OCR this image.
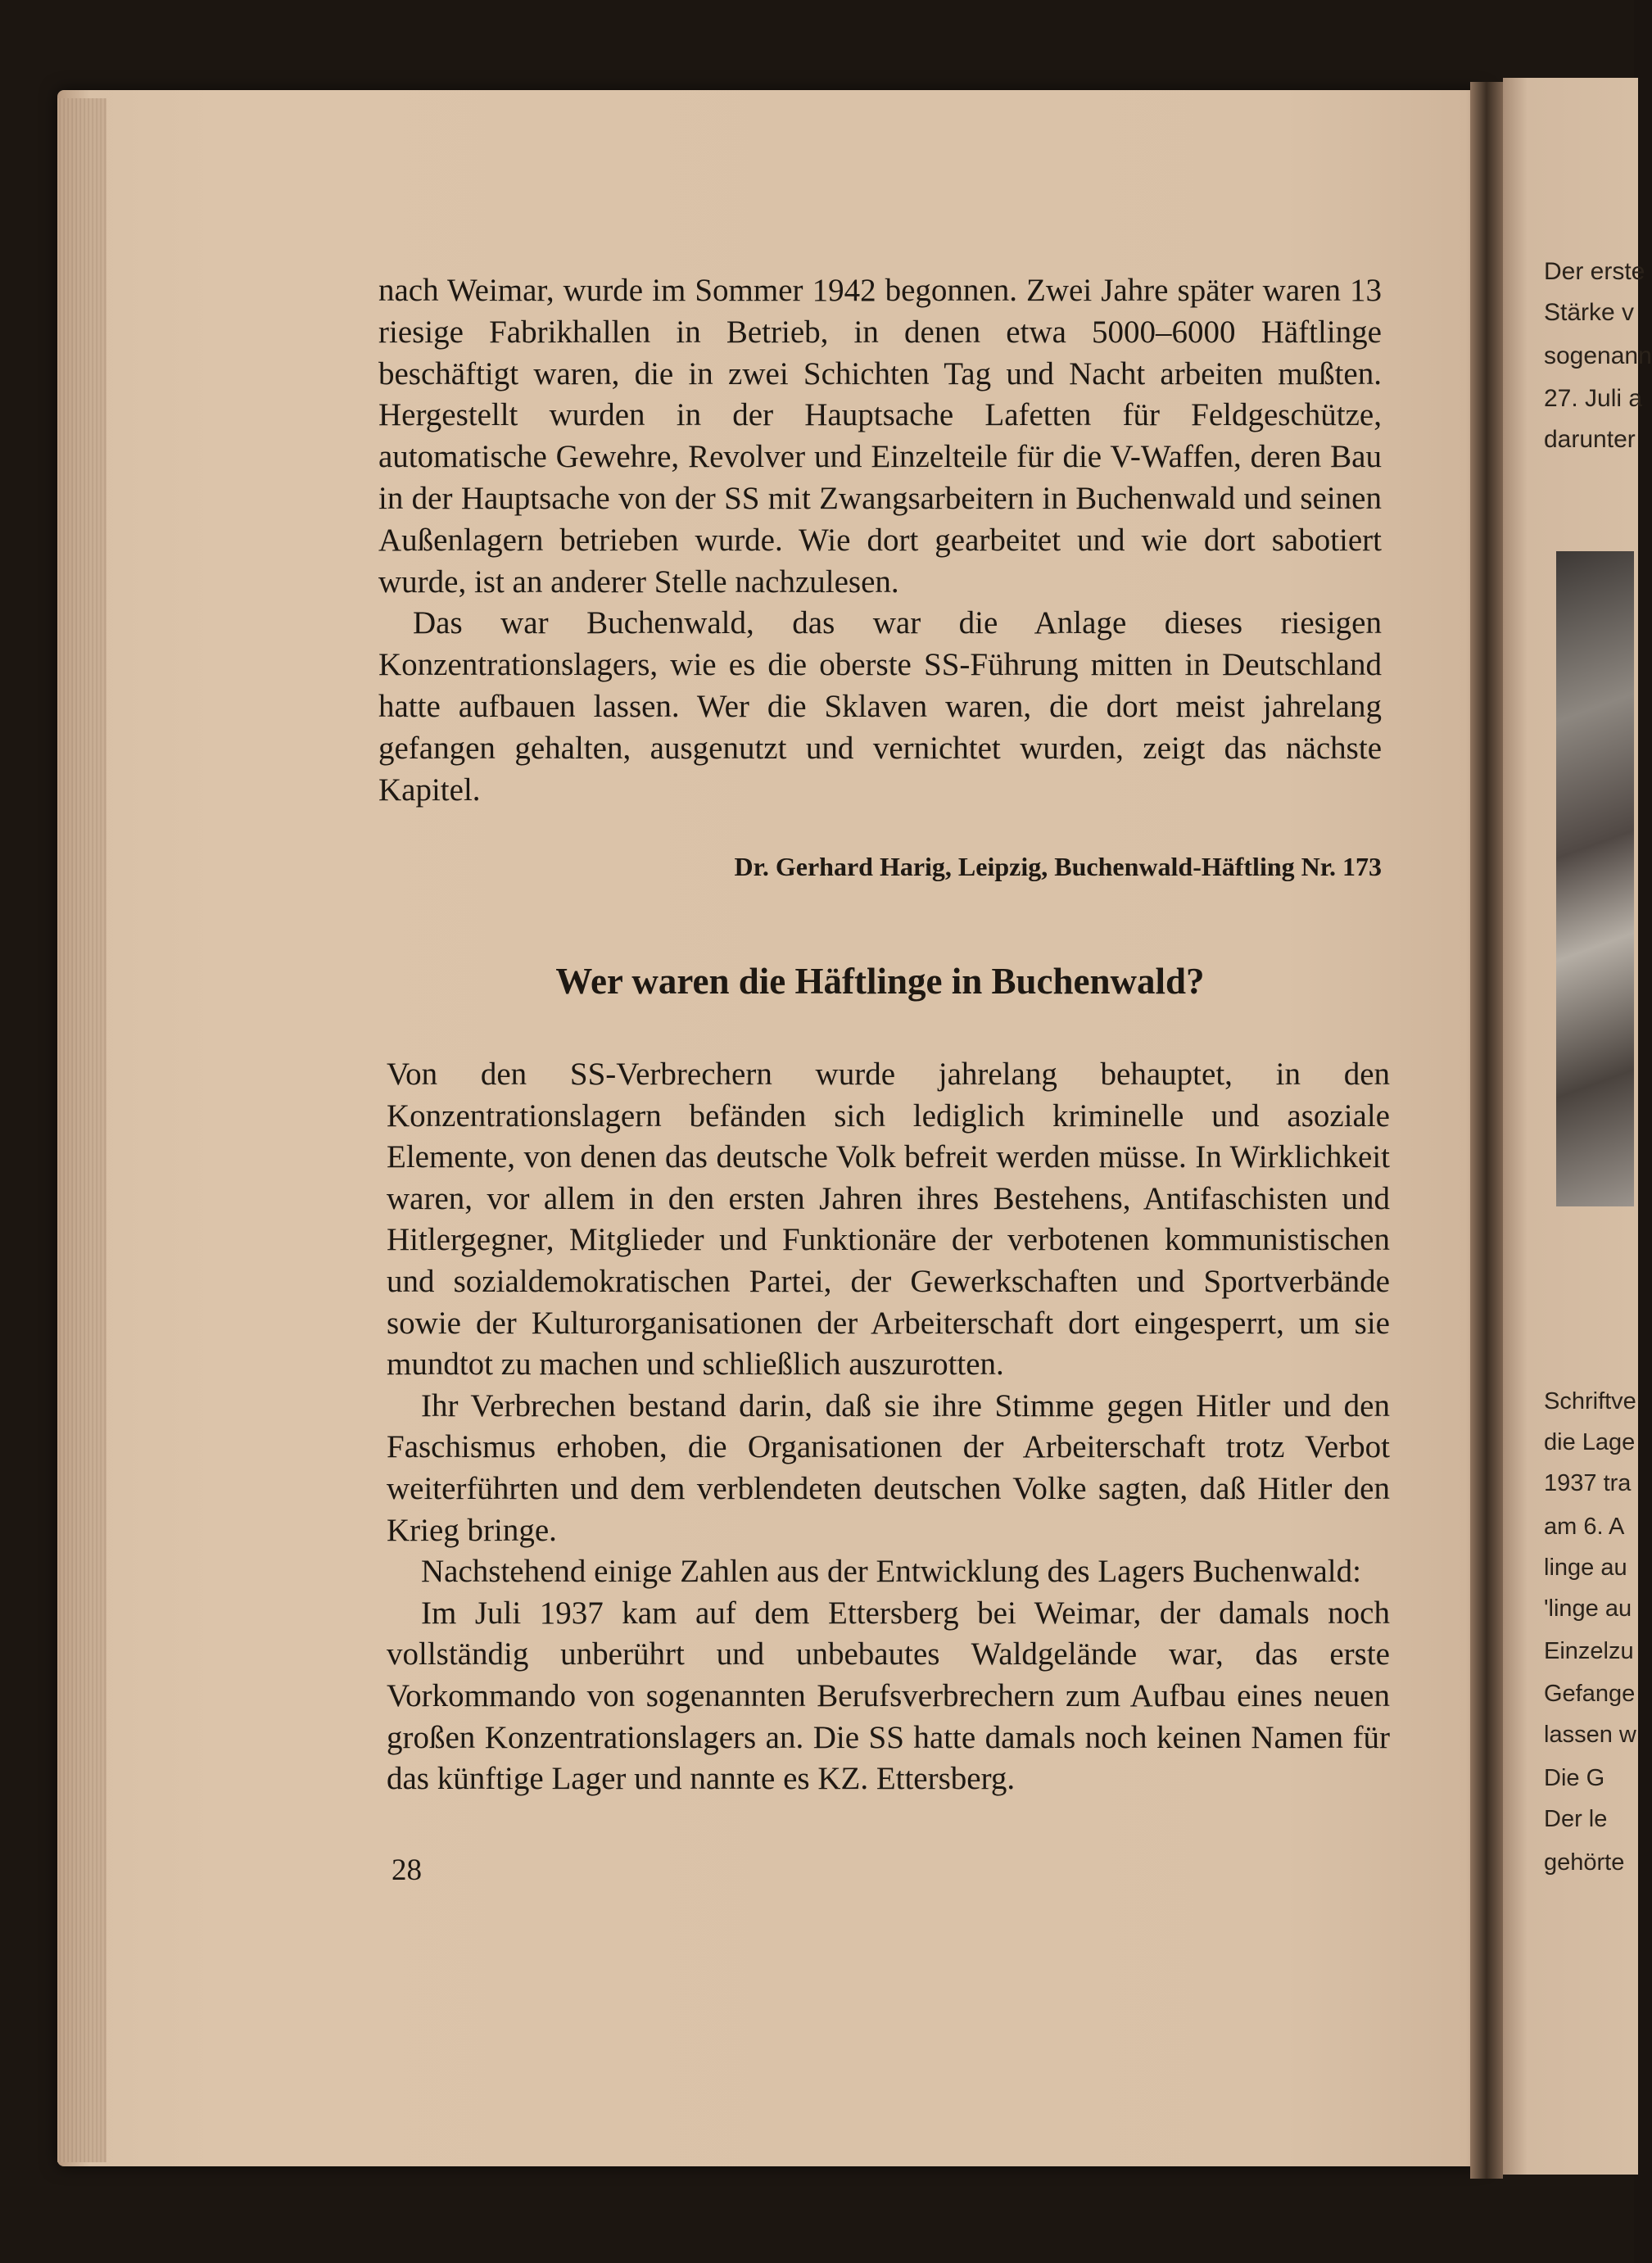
nach Weimar, wurde im Sommer 1942 begonnen. Zwei Jahre später waren 13 riesige Fabrikhallen in Betrieb, in denen etwa 5000–6000 Häftlinge beschäftigt waren, die in zwei Schichten Tag und Nacht arbeiten mußten. Hergestellt wurden in der Hauptsache Lafetten für Feldgeschütze, automatische Gewehre, Revolver und Einzelteile für die V-Waffen, deren Bau in der Hauptsache von der SS mit Zwangsarbeitern in Buchenwald und seinen Außenlagern betrieben wurde. Wie dort gearbeitet und wie dort sabotiert wurde, ist an anderer Stelle nachzulesen.

Das war Buchenwald, das war die Anlage dieses riesigen Konzentrationslagers, wie es die oberste SS-Führung mitten in Deutschland hatte aufbauen lassen. Wer die Sklaven waren, die dort meist jahrelang gefangen gehalten, ausgenutzt und vernichtet wurden, zeigt das nächste Kapitel.

Dr. Gerhard Harig, Leipzig, Buchenwald-Häftling Nr. 173
Wer waren die Häftlinge in Buchenwald?

Von den SS-Verbrechern wurde jahrelang behauptet, in den Konzentrationslagern befänden sich lediglich kriminelle und asoziale Elemente, von denen das deutsche Volk befreit werden müsse. In Wirklichkeit waren, vor allem in den ersten Jahren ihres Bestehens, Antifaschisten und Hitlergegner, Mitglieder und Funktionäre der verbotenen kommunistischen und sozialdemokratischen Partei, der Gewerkschaften und Sportverbände sowie der Kulturorganisationen der Arbeiterschaft dort eingesperrt, um sie mundtot zu machen und schließlich auszurotten.

Ihr Verbrechen bestand darin, daß sie ihre Stimme gegen Hitler und den Faschismus erhoben, die Organisationen der Arbeiterschaft trotz Verbot weiterführten und dem verblendeten deutschen Volke sagten, daß Hitler den Krieg bringe.

Nachstehend einige Zahlen aus der Entwicklung des Lagers Buchenwald:

Im Juli 1937 kam auf dem Ettersberg bei Weimar, der damals noch vollständig unberührt und unbebautes Waldgelände war, das erste Vorkommando von sogenannten Berufsverbrechern zum Aufbau eines neuen großen Konzentrationslagers an. Die SS hatte damals noch keinen Namen für das künftige Lager und nannte es KZ. Ettersberg.

28
Der erste
Stärke v
sogenann
27. Juli a
darunter
Schriftve
die Lage
1937 tra
am 6. A
linge au
'linge au
Einzelzu
Gefange
lassen w
Die G
Der le
gehörte
